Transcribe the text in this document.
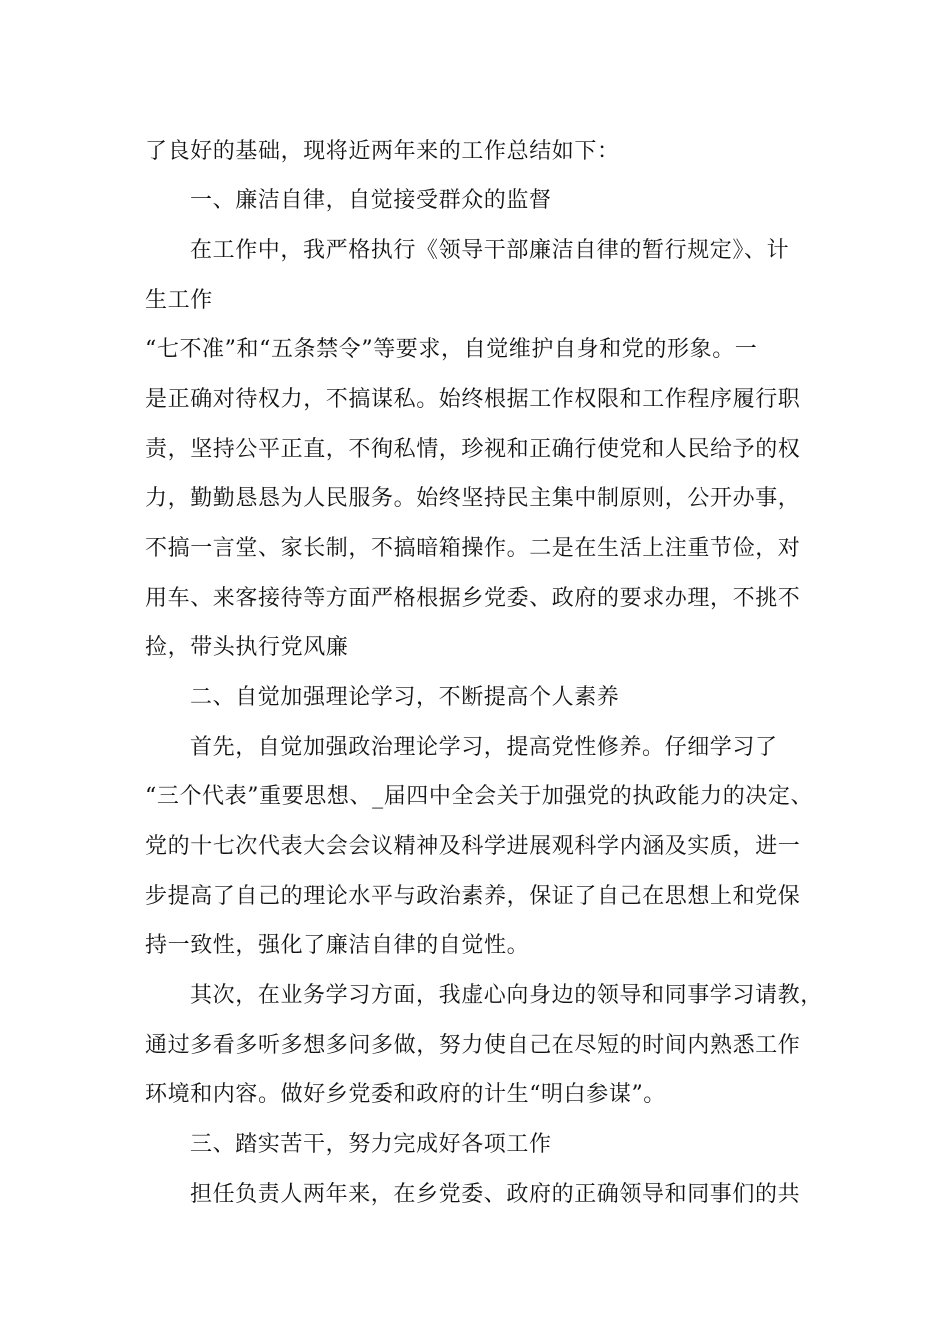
了良好的基础，现将近两年来的工作总结如下：
一、廉洁自律，自觉接受群众的监督
在工作中，我严格执行《领导干部廉洁自律的暂行规定》、计
生工作
“七不准”和“五条禁令”等要求，自觉维护自身和党的形象。一
是正确对待权力，不搞谋私。始终根据工作权限和工作程序履行职
责，坚持公平正直，不徇私情，珍视和正确行使党和人民给予的权
力，勤勤恳恳为人民服务。始终坚持民主集中制原则，公开办事，
不搞一言堂、家长制，不搞暗箱操作。二是在生活上注重节俭，对
用车、来客接待等方面严格根据乡党委、政府的要求办理，不挑不
捡，带头执行党风廉
二、自觉加强理论学习，不断提高个人素养
首先，自觉加强政治理论学习，提高党性修养。仔细学习了
“三个代表”重要思想、_届四中全会关于加强党的执政能力的决定、
党的十七次代表大会会议精神及科学进展观科学内涵及实质，进一
步提高了自己的理论水平与政治素养，保证了自己在思想上和党保
持一致性，强化了廉洁自律的自觉性。
其次，在业务学习方面，我虚心向身边的领导和同事学习请教，
通过多看多听多想多问多做，努力使自己在尽短的时间内熟悉工作
环境和内容。做好乡党委和政府的计生“明白参谋”。
三、踏实苦干，努力完成好各项工作
担任负责人两年来，在乡党委、政府的正确领导和同事们的共
